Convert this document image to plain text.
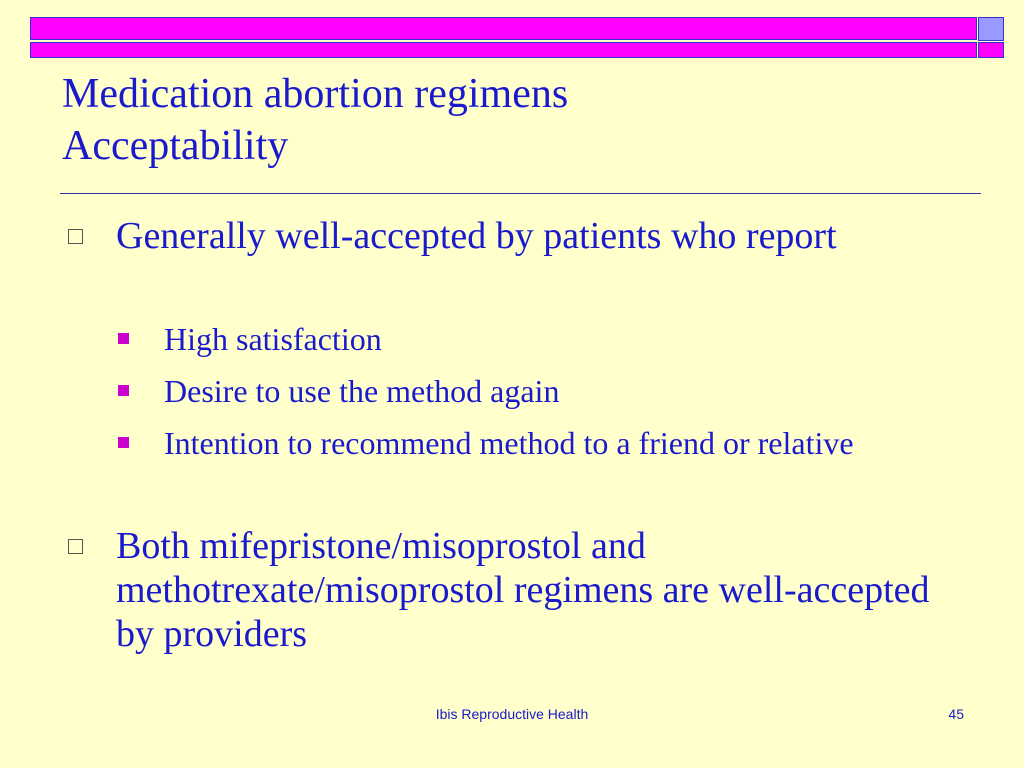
Medication abortion regimens
Acceptability
Generally well-accepted by patients who report
High satisfaction
Desire to use the method again
Intention to recommend method to a friend or relative
Both mifepristone/misoprostol and methotrexate/misoprostol regimens are well-accepted by providers
Ibis Reproductive Health	45
